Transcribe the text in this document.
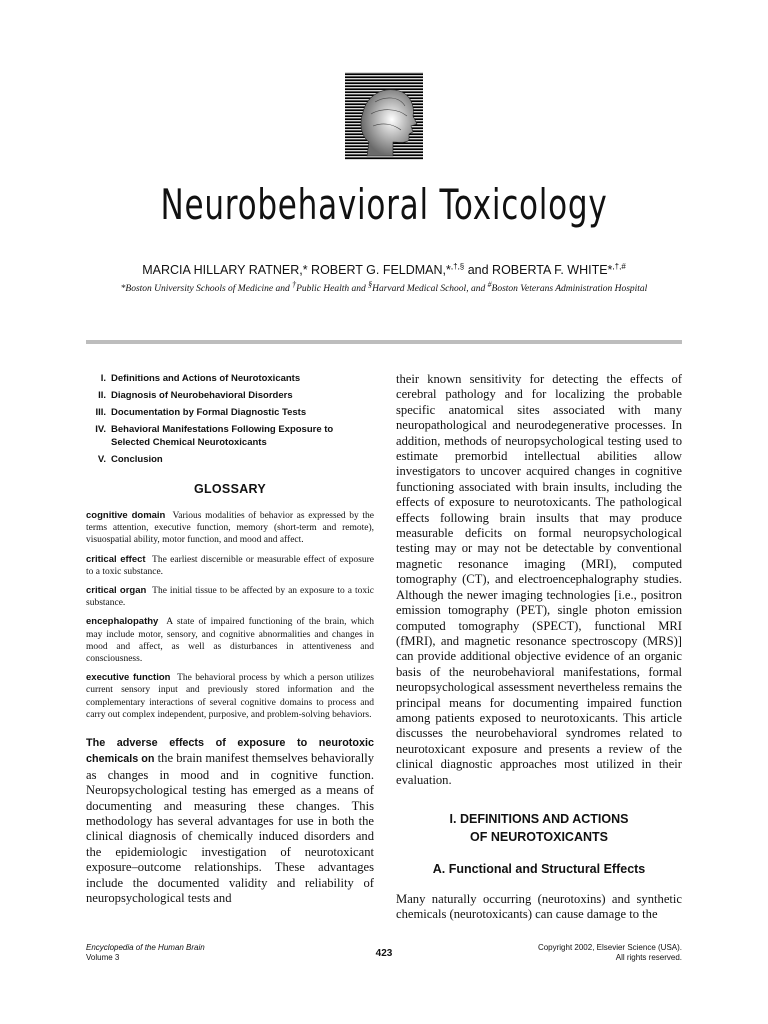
Neurobehavioral Toxicology
MARCIA HILLARY RATNER,* ROBERT G. FELDMAN,*,†,§ and ROBERTA F. WHITE*,†,#
*Boston University Schools of Medicine and †Public Health and §Harvard Medical School, and #Boston Veterans Administration Hospital
I. Definitions and Actions of Neurotoxicants
II. Diagnosis of Neurobehavioral Disorders
III. Documentation by Formal Diagnostic Tests
IV. Behavioral Manifestations Following Exposure to Selected Chemical Neurotoxicants
V. Conclusion
GLOSSARY
cognitive domain Various modalities of behavior as expressed by the terms attention, executive function, memory (short-term and remote), visuospatial ability, motor function, and mood and affect.
critical effect The earliest discernible or measurable effect of exposure to a toxic substance.
critical organ The initial tissue to be affected by an exposure to a toxic substance.
encephalopathy A state of impaired functioning of the brain, which may include motor, sensory, and cognitive abnormalities and changes in mood and affect, as well as disturbances in attentiveness and consciousness.
executive function The behavioral process by which a person utilizes current sensory input and previously stored information and the complementary interactions of several cognitive domains to process and carry out complex independent, purposive, and problem-solving behaviors.

The adverse effects of exposure to neurotoxic chemicals on the brain manifest themselves behaviorally as changes in mood and in cognitive function. Neuropsychological testing has emerged as a means of documenting and measuring these changes. This methodology has several advantages for use in both the clinical diagnosis of chemically induced disorders and the epidemiologic investigation of neurotoxicant exposure–outcome relationships. These advantages include the documented validity and reliability of neuropsychological tests and

their known sensitivity for detecting the effects of cerebral pathology and for localizing the probable specific anatomical sites associated with many neuropathological and neurodegenerative processes. In addition, methods of neuropsychological testing used to estimate premorbid intellectual abilities allow investigators to uncover acquired changes in cognitive functioning associated with brain insults, including the effects of exposure to neurotoxicants. The pathological effects following brain insults that may produce measurable deficits on formal neuropsychological testing may or may not be detectable by conventional magnetic resonance imaging (MRI), computed tomography (CT), and electroencephalography studies. Although the newer imaging technologies [i.e., positron emission tomography (PET), single photon emission computed tomography (SPECT), functional MRI (fMRI), and magnetic resonance spectroscopy (MRS)] can provide additional objective evidence of an organic basis of the neurobehavioral manifestations, formal neuropsychological assessment nevertheless remains the principal means for documenting impaired function among patients exposed to neurotoxicants. This article discusses the neurobehavioral syndromes related to neurotoxicant exposure and presents a review of the clinical diagnostic approaches most utilized in their evaluation.

I. DEFINITIONS AND ACTIONS
OF NEUROTOXICANTS
A. Functional and Structural Effects

Many naturally occurring (neurotoxins) and synthetic chemicals (neurotoxicants) can cause damage to the

Encyclopedia of the Human Brain
Volume 3	423
Copyright 2002, Elsevier Science (USA).
All rights reserved.
